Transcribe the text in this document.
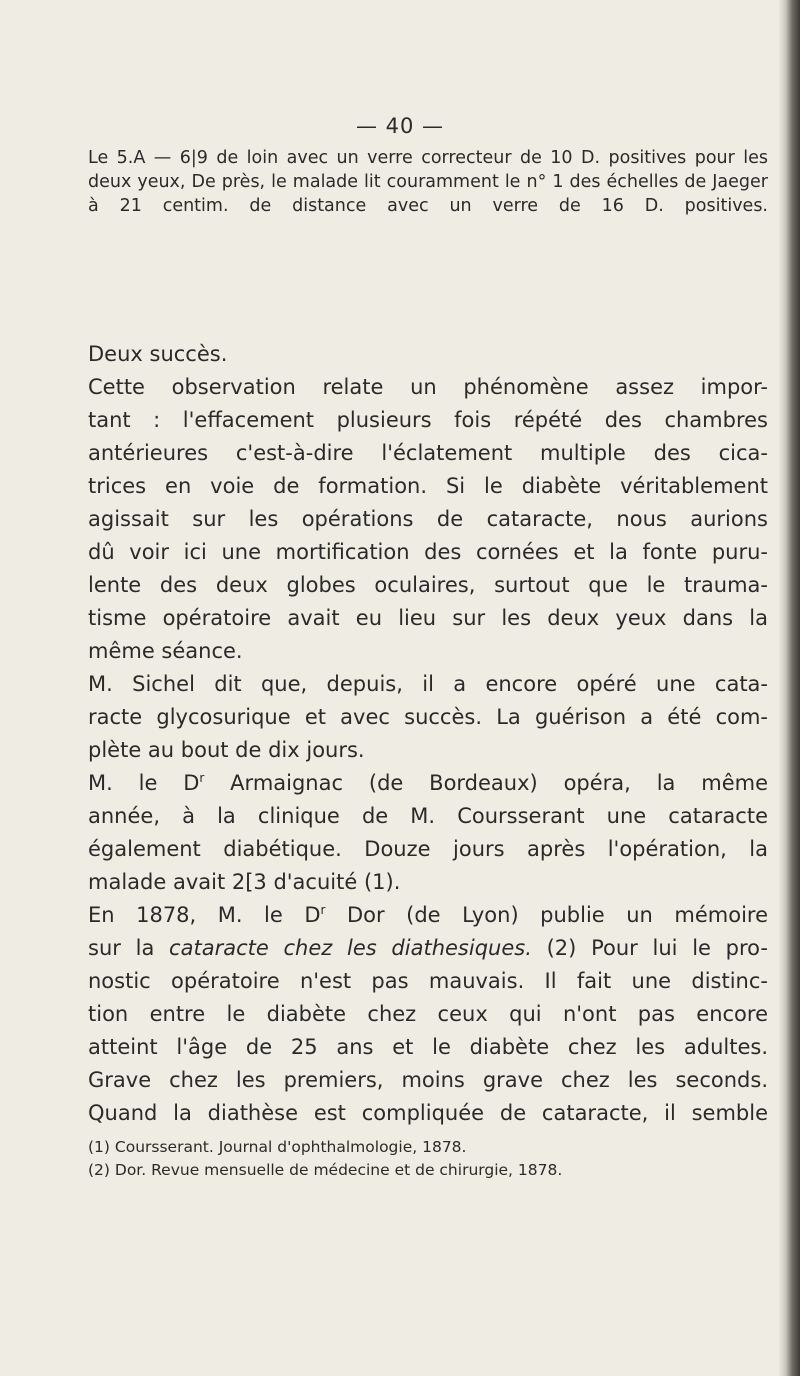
— 40 —
Le 5.A — 6|9 de loin avec un verre correcteur de 10 D. positives pour les deux yeux, De près, le malade lit couramment le n° 1 des échelles de Jaeger à 21 centim. de distance avec un verre de 16 D. positives.
Deux succès.
Cette observation relate un phénomène assez impor-
tant : l'effacement plusieurs fois répété des chambres
antérieures c'est-à-dire l'éclatement multiple des cica-
trices en voie de formation. Si le diabète véritablement
agissait sur les opérations de cataracte, nous aurions
dû voir ici une mortification des cornées et la fonte puru-
lente des deux globes oculaires, surtout que le trauma-
tisme opératoire avait eu lieu sur les deux yeux dans la
même séance.
M. Sichel dit que, depuis, il a encore opéré une cata-
racte glycosurique et avec succès. La guérison a été com-
plète au bout de dix jours.
M. le $D^r$ Armaignac (de Bordeaux) opéra, la même
année, à la clinique de M. Coursserant une cataracte
également diabétique. Douze jours après l'opération, la
malade avait 2[3 d'acuité (1).
En 1878, M. le $D^r$ Dor (de Lyon) publie un mémoire
sur la cataracte chez les diathesiques. (2) Pour lui le pro-
nostic opératoire n'est pas mauvais. Il fait une distinc-
tion entre le diabète chez ceux qui n'ont pas encore
atteint l'âge de 25 ans et le diabète chez les adultes.
Grave chez les premiers, moins grave chez les seconds.
Quand la diathèse est compliquée de cataracte, il semble
(1) Coursserant. Journal d'ophthalmologie, 1878.
(2) Dor. Revue mensuelle de médecine et de chirurgie, 1878.
